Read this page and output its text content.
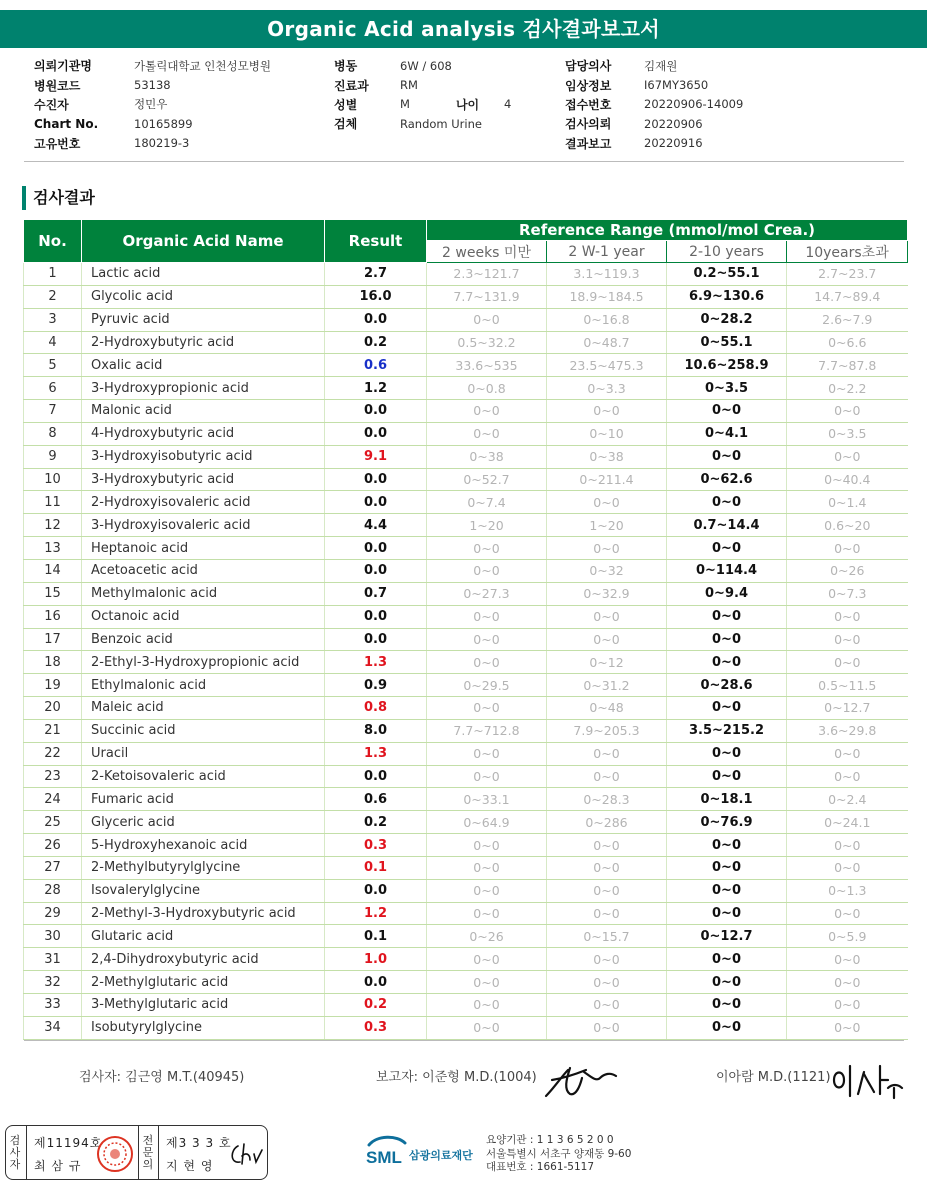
Organic Acid analysis 검사결과보고서
의뢰기관명	가톨릭대학교 인천성모병원
병원코드	53138
수진자	정민우
Chart No.	10165899
고유번호	180219-3
병동	6W / 608
진료과	RM
성별	M	나이	4
검체	Random Urine
담당의사	김재원
임상정보	I67MY3650
접수번호	20220906-14009
검사의뢰	20220906
결과보고	20220916
검사결과
No.	Organic Acid Name	Result	Reference Range (mmol/mol Crea.)			
			2 weeks 미만	2 W-1 year	2-10 years	10years초과
1	Lactic acid	2.7	2.3~121.7	3.1~119.3	0.2~55.1	2.7~23.7
2	Glycolic acid	16.0	7.7~131.9	18.9~184.5	6.9~130.6	14.7~89.4
3	Pyruvic acid	0.0	0~0	0~16.8	0~28.2	2.6~7.9
4	2-Hydroxybutyric acid	0.2	0.5~32.2	0~48.7	0~55.1	0~6.6
5	Oxalic acid	0.6	33.6~535	23.5~475.3	10.6~258.9	7.7~87.8
6	3-Hydroxypropionic acid	1.2	0~0.8	0~3.3	0~3.5	0~2.2
7	Malonic acid	0.0	0~0	0~0	0~0	0~0
8	4-Hydroxybutyric acid	0.0	0~0	0~10	0~4.1	0~3.5
9	3-Hydroxyisobutyric acid	9.1	0~38	0~38	0~0	0~0
10	3-Hydroxybutyric acid	0.0	0~52.7	0~211.4	0~62.6	0~40.4
11	2-Hydroxyisovaleric acid	0.0	0~7.4	0~0	0~0	0~1.4
12	3-Hydroxyisovaleric acid	4.4	1~20	1~20	0.7~14.4	0.6~20
13	Heptanoic acid	0.0	0~0	0~0	0~0	0~0
14	Acetoacetic acid	0.0	0~0	0~32	0~114.4	0~26
15	Methylmalonic acid	0.7	0~27.3	0~32.9	0~9.4	0~7.3
16	Octanoic acid	0.0	0~0	0~0	0~0	0~0
17	Benzoic acid	0.0	0~0	0~0	0~0	0~0
18	2-Ethyl-3-Hydroxypropionic acid	1.3	0~0	0~12	0~0	0~0
19	Ethylmalonic acid	0.9	0~29.5	0~31.2	0~28.6	0.5~11.5
20	Maleic acid	0.8	0~0	0~48	0~0	0~12.7
21	Succinic acid	8.0	7.7~712.8	7.9~205.3	3.5~215.2	3.6~29.8
22	Uracil	1.3	0~0	0~0	0~0	0~0
23	2-Ketoisovaleric acid	0.0	0~0	0~0	0~0	0~0
24	Fumaric acid	0.6	0~33.1	0~28.3	0~18.1	0~2.4
25	Glyceric acid	0.2	0~64.9	0~286	0~76.9	0~24.1
26	5-Hydroxyhexanoic acid	0.3	0~0	0~0	0~0	0~0
27	2-Methylbutyrylglycine	0.1	0~0	0~0	0~0	0~0
28	Isovalerylglycine	0.0	0~0	0~0	0~0	0~1.3
29	2-Methyl-3-Hydroxybutyric acid	1.2	0~0	0~0	0~0	0~0
30	Glutaric acid	0.1	0~26	0~15.7	0~12.7	0~5.9
31	2,4-Dihydroxybutyric acid	1.0	0~0	0~0	0~0	0~0
32	2-Methylglutaric acid	0.0	0~0	0~0	0~0	0~0
33	3-Methylglutaric acid	0.2	0~0	0~0	0~0	0~0
34	Isobutyrylglycine	0.3	0~0	0~0	0~0	0~0
검사자: 김근영 M.T.(40945)	보고자: 이준형 M.D.(1004)	이아람 M.D.(1121)
검
사
자
제11194호
최 삼 규
전
문
의
제3 3 3 호
지 현 영	SML 삼광의료재단
요양기관 : 1 1 3 6 5 2 0 0
서울특별시 서초구 양재동 9-60
대표번호 : 1661-5117
